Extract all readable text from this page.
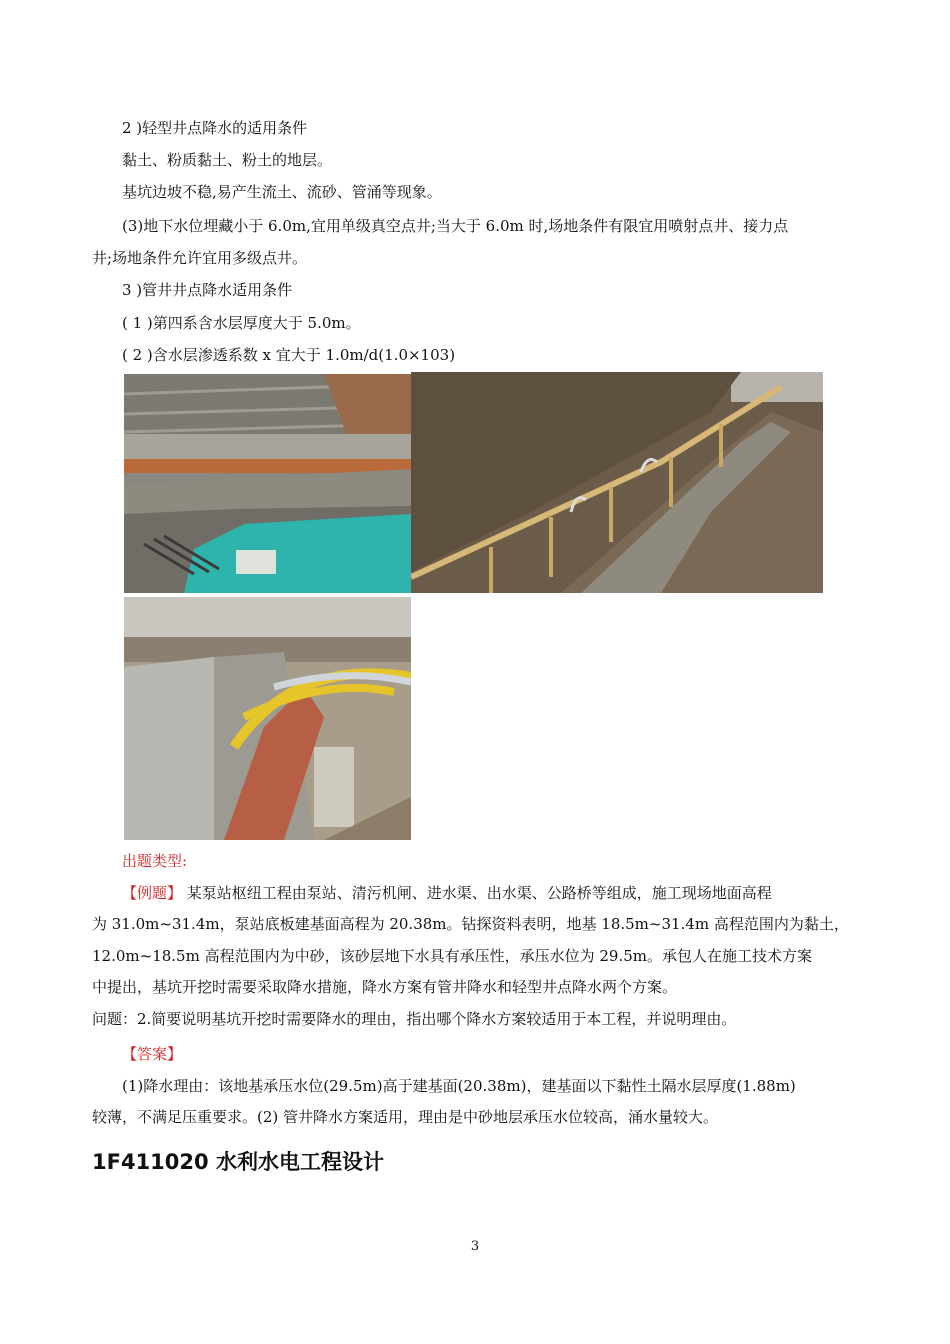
2 )轻型井点降水的适用条件
黏土、粉质黏土、粉土的地层。
基坑边坡不稳,易产生流土、流砂、管涌等现象。
(3)地下水位埋藏小于 6.0m,宜用单级真空点井;当大于 6.0m 时,场地条件有限宜用喷射点井、接力点
井;场地条件允许宜用多级点井。
3 )管井井点降水适用条件
( 1 )第四系含水层厚度大于 5.0m。
( 2 )含水层渗透系数 x 宜大于 1.0m/d(1.0×103)
出题类型:
【例题】 某泵站枢纽工程由泵站、清污机闸、进水渠、出水渠、公路桥等组成，施工现场地面高程
为 31.0m~31.4m，泵站底板建基面高程为 20.38m。钻探资料表明，地基 18.5m~31.4m 高程范围内为黏土，
12.0m~18.5m 高程范围内为中砂，该砂层地下水具有承压性，承压水位为 29.5m。承包人在施工技术方案
中提出，基坑开挖时需要采取降水措施，降水方案有管井降水和轻型井点降水两个方案。
问题：2.简要说明基坑开挖时需要降水的理由，指出哪个降水方案较适用于本工程，并说明理由。
【答案】
(1)降水理由：该地基承压水位(29.5m)高于建基面(20.38m)，建基面以下黏性土隔水层厚度(1.88m)
较薄，不满足压重要求。(2) 管井降水方案适用，理由是中砂地层承压水位较高，涌水量较大。
1F411020 水利水电工程设计
3
